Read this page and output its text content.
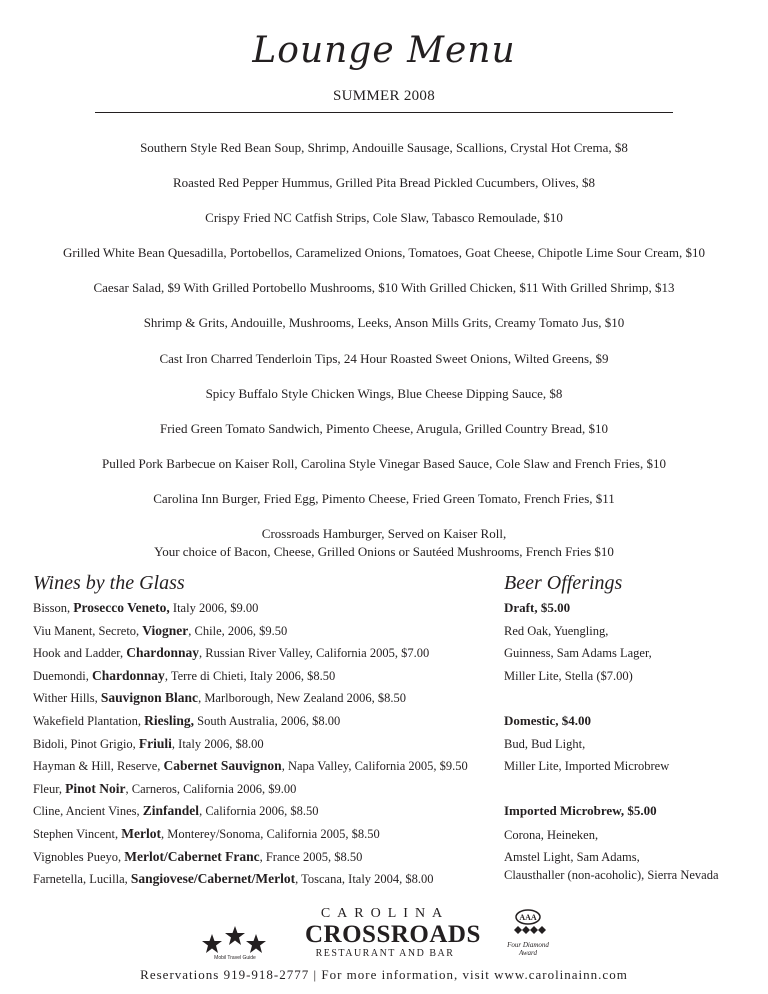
Lounge Menu
SUMMER 2008
Southern Style Red Bean Soup, Shrimp, Andouille Sausage, Scallions, Crystal Hot Crema, $8
Roasted Red Pepper Hummus, Grilled Pita Bread Pickled Cucumbers, Olives, $8
Crispy Fried NC Catfish Strips, Cole Slaw, Tabasco Remoulade, $10
Grilled White Bean Quesadilla, Portobellos, Caramelized Onions, Tomatoes, Goat Cheese, Chipotle Lime Sour Cream, $10
Caesar Salad, $9 With Grilled Portobello Mushrooms, $10 With Grilled Chicken, $11 With Grilled Shrimp, $13
Shrimp & Grits, Andouille, Mushrooms, Leeks, Anson Mills Grits, Creamy Tomato Jus, $10
Cast Iron Charred Tenderloin Tips, 24 Hour Roasted Sweet Onions, Wilted Greens, $9
Spicy Buffalo Style Chicken Wings, Blue Cheese Dipping Sauce, $8
Fried Green Tomato Sandwich, Pimento Cheese, Arugula, Grilled Country Bread, $10
Pulled Pork Barbecue on Kaiser Roll, Carolina Style Vinegar Based Sauce, Cole Slaw and French Fries, $10
Carolina Inn Burger, Fried Egg, Pimento Cheese, Fried Green Tomato, French Fries, $11
Crossroads Hamburger, Served on Kaiser Roll,
Your choice of Bacon, Cheese, Grilled Onions or Sautéed Mushrooms, French Fries $10
Wines by the Glass
Bisson, Prosecco Veneto, Italy 2006, $9.00
Viu Manent, Secreto, Viogner, Chile, 2006, $9.50
Hook and Ladder, Chardonnay, Russian River Valley, California 2005, $7.00
Duemondi, Chardonnay, Terre di Chieti, Italy 2006, $8.50
Wither Hills, Sauvignon Blanc, Marlborough, New Zealand 2006, $8.50
Wakefield Plantation, Riesling, South Australia, 2006, $8.00
Bidoli, Pinot Grigio, Friuli, Italy 2006, $8.00
Hayman & Hill, Reserve, Cabernet Sauvignon, Napa Valley, California 2005, $9.50
Fleur, Pinot Noir, Carneros, California 2006, $9.00
Cline, Ancient Vines, Zinfandel, California 2006, $8.50
Stephen Vincent, Merlot, Monterey/Sonoma, California 2005, $8.50
Vignobles Pueyo, Merlot/Cabernet Franc, France 2005, $8.50
Farnetella, Lucilla, Sangiovese/Cabernet/Merlot, Toscana, Italy 2004, $8.00
Beer Offerings
Draft, $5.00
Red Oak, Yuengling,
Guinness, Sam Adams Lager,
Miller Lite, Stella ($7.00)
Domestic, $4.00
Bud, Bud Light,
Miller Lite, Imported Microbrew
Imported Microbrew, $5.00
Corona, Heineken,
Amstel Light, Sam Adams,
Clausthaller (non-acoholic), Sierra Nevada
Mobil Travel Guide
CAROLINA
CROSSROADS
RESTAURANT AND BAR
AAA
Four Diamond Award
Reservations 919-918-2777 | For more information, visit www.carolinainn.com
